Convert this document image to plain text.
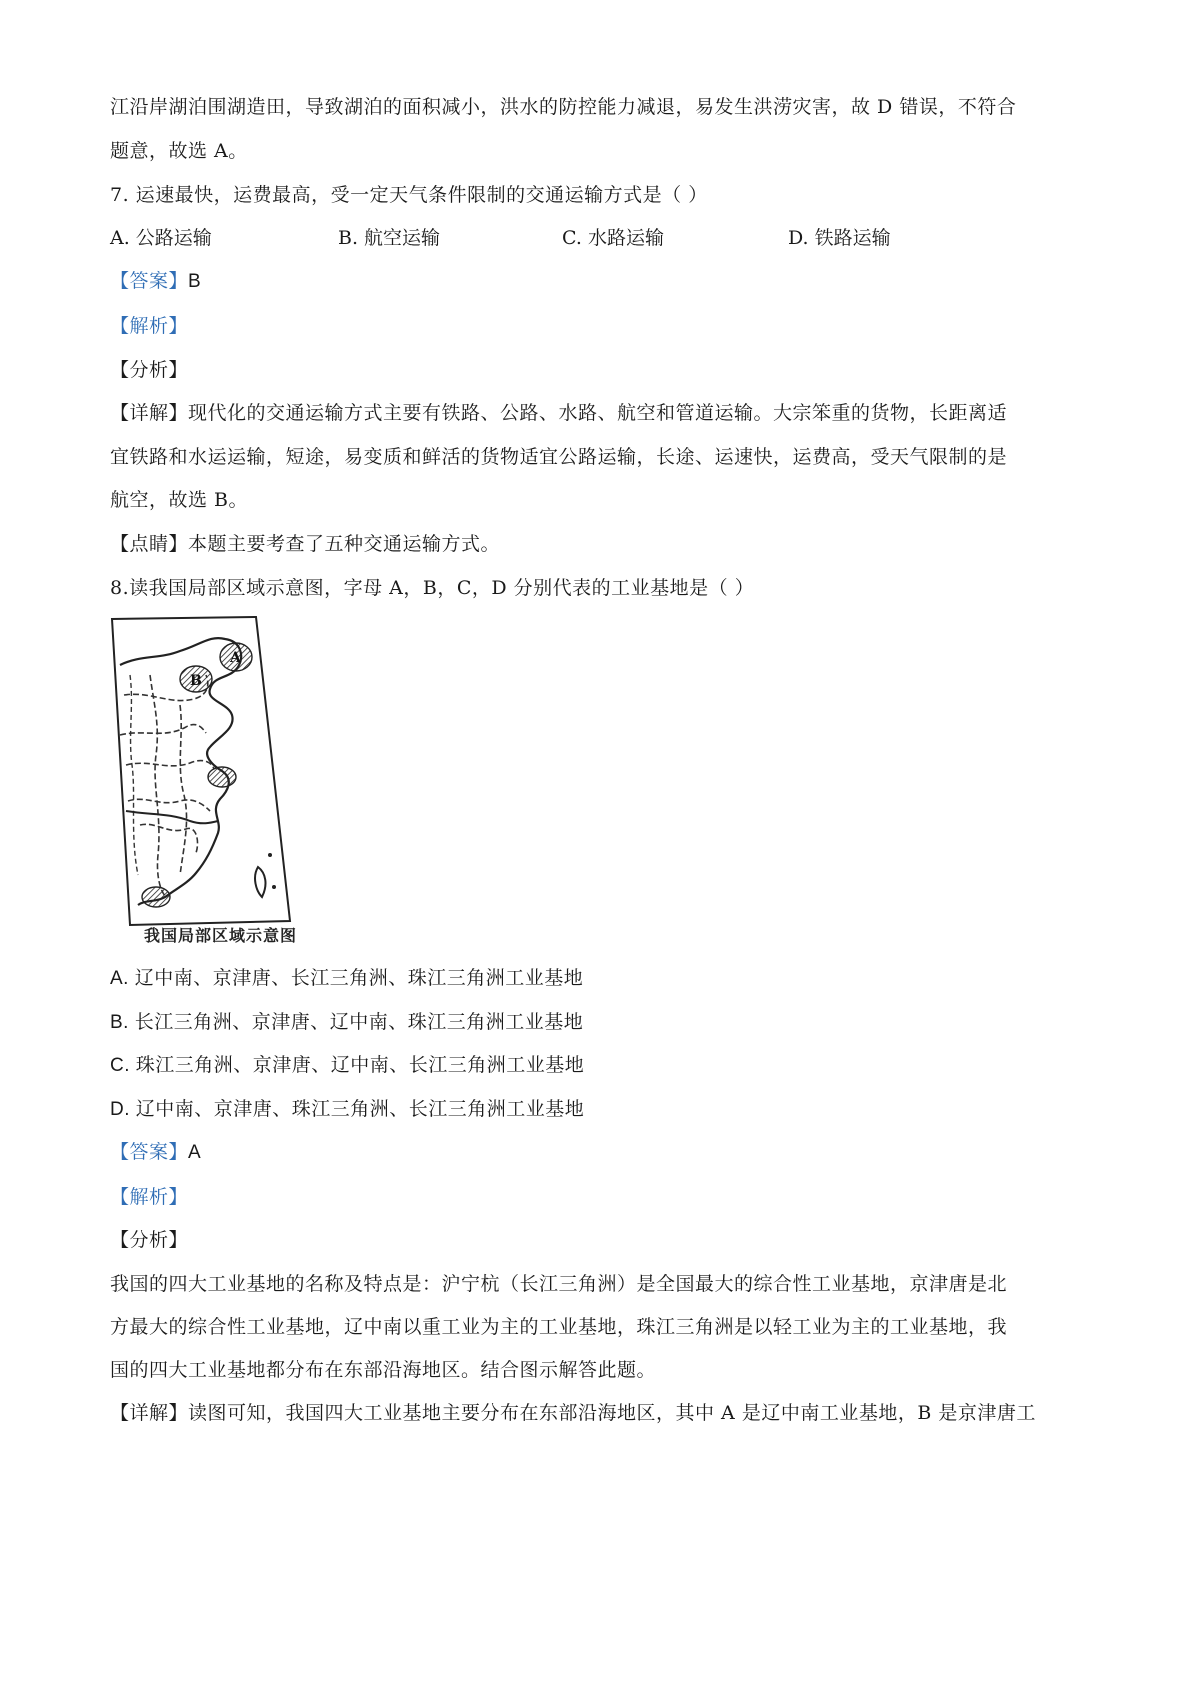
江沿岸湖泊围湖造田，导致湖泊的面积减小，洪水的防控能力减退，易发生洪涝灾害，故 D 错误，不符合
题意，故选 A。
7. 运速最快，运费最高，受一定天气条件限制的交通运输方式是（ ）
A. 公路运输	B. 航空运输	C. 水路运输	D. 铁路运输
【答案】B
【解析】
【分析】
【详解】现代化的交通运输方式主要有铁路、公路、水路、航空和管道运输。大宗笨重的货物，长距离适
宜铁路和水运运输，短途，易变质和鲜活的货物适宜公路运输，长途、运速快，运费高，受天气限制的是
航空，故选 B。
【点睛】本题主要考查了五种交通运输方式。
8.读我国局部区域示意图，字母 A，B，C，D 分别代表的工业基地是（ ）
A
B
我国局部区域示意图
A. 辽中南、京津唐、长江三角洲、珠江三角洲工业基地
B. 长江三角洲、京津唐、辽中南、珠江三角洲工业基地
C. 珠江三角洲、京津唐、辽中南、长江三角洲工业基地
D. 辽中南、京津唐、珠江三角洲、长江三角洲工业基地
【答案】A
【解析】
【分析】
我国的四大工业基地的名称及特点是：沪宁杭（长江三角洲）是全国最大的综合性工业基地，京津唐是北
方最大的综合性工业基地，辽中南以重工业为主的工业基地，珠江三角洲是以轻工业为主的工业基地，我
国的四大工业基地都分布在东部沿海地区。结合图示解答此题。
【详解】读图可知，我国四大工业基地主要分布在东部沿海地区，其中 A 是辽中南工业基地，B 是京津唐工
